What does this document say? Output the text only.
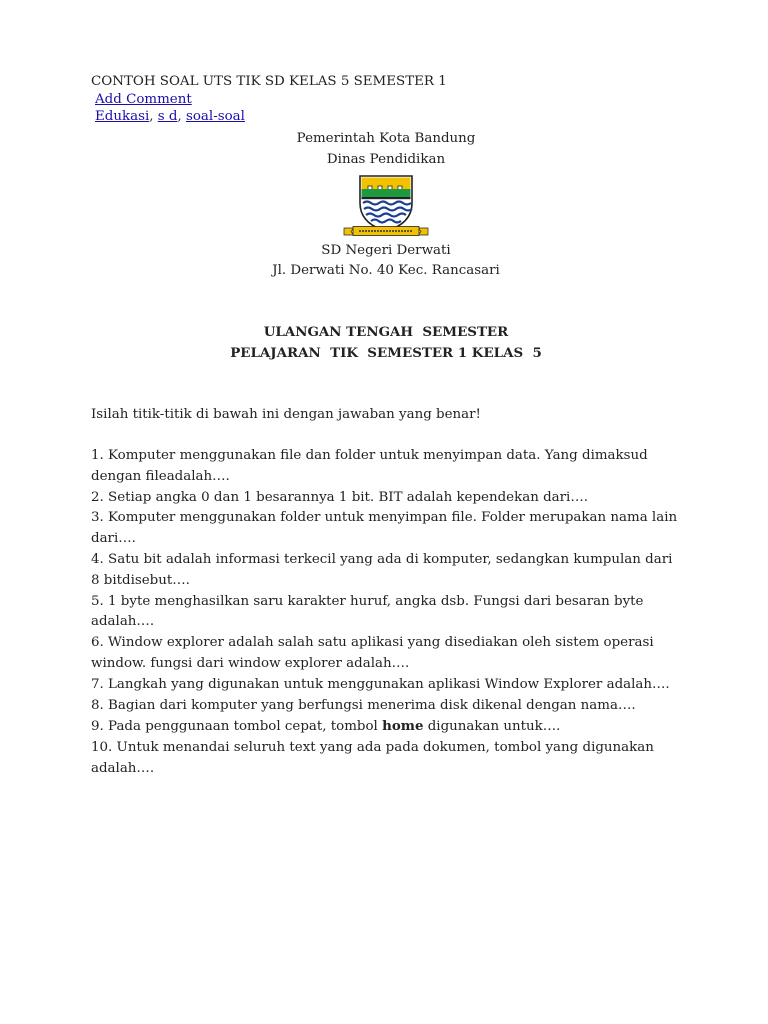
CONTOH SOAL UTS TIK SD KELAS 5 SEMESTER 1
Add Comment
Edukasi, s d, soal-soal
Pemerintah Kota Bandung
Dinas Pendidikan
SD Negeri Derwati
Jl. Derwati No. 40 Kec. Rancasari
ULANGAN TENGAH  SEMESTER
PELAJARAN  TIK  SEMESTER 1 KELAS  5
Isilah titik-titik di bawah ini dengan jawaban yang benar!

1. Komputer menggunakan file dan folder untuk menyimpan data. Yang dimaksud dengan fileadalah….

2. Setiap angka 0 dan 1 besarannya 1 bit. BIT adalah kependekan dari….

3. Komputer menggunakan folder untuk menyimpan file. Folder merupakan nama lain dari….

4. Satu bit adalah informasi terkecil yang ada di komputer, sedangkan kumpulan dari 8 bitdisebut….

5. 1 byte menghasilkan saru karakter huruf, angka dsb. Fungsi dari besaran byte adalah….

6. Window explorer adalah salah satu aplikasi yang disediakan oleh sistem operasi window. fungsi dari window explorer adalah….

7. Langkah yang digunakan untuk menggunakan aplikasi Window Explorer adalah….

8. Bagian dari komputer yang berfungsi menerima disk dikenal dengan nama….

9. Pada penggunaan tombol cepat, tombol home digunakan untuk….

10. Untuk menandai seluruh text yang ada pada dokumen, tombol yang digunakan adalah….
